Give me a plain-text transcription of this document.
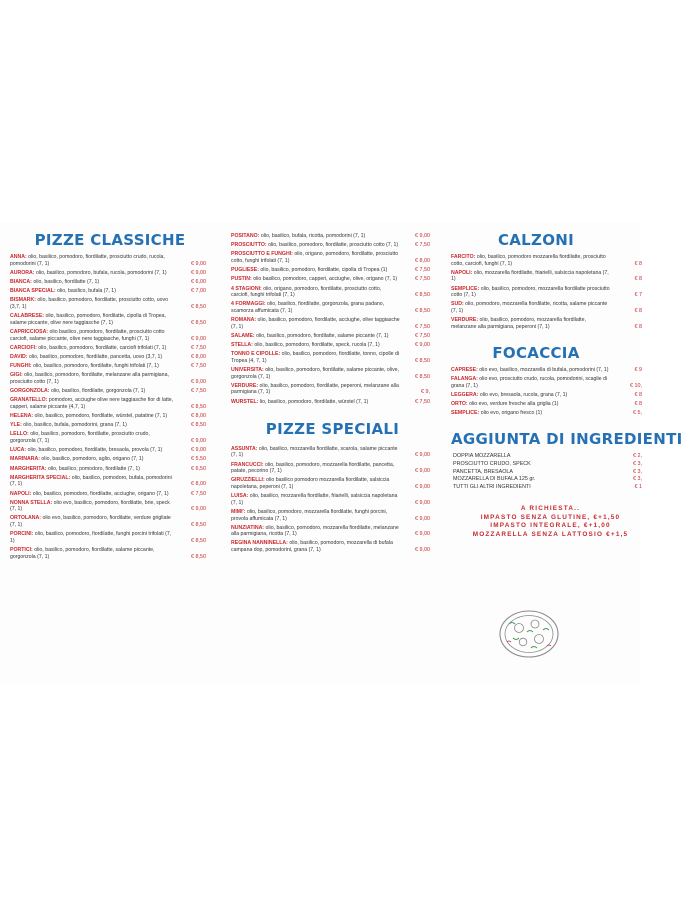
PIZZE CLASSICHE
ANNA: olio, basilico, pomodoro, fiordilatte, prosciutto crudo, rucola, pomodorini (7, 1)	€ 9,00
AURORA: olio, basilico, pomodoro, bufala, rucola, pomodorini (7, 1)	€ 9,00
BIANCA: olio, basilico, fiordilatte (7, 1)	€ 6,00
BIANCA SPECIAL: olio, basilico, bufala (7, 1)	€ 7,00
BISMARK: olio, basilico, pomodoro, fiordilatte, prosciutto cotto, uovo (3,7, 1)	€ 8,50
CALABRESE: olio, basilico, pomodoro, fiordilatte, cipolla di Tropea, salame piccante, olive nere taggiasche (7, 1)	€ 8,50
CAPRICCIOSA: olio basilico, pomodoro, fiordilatte, prosciutto cotto carciofi, salame piccante, olive nere taggiasche, funghi (7, 1)	€ 9,00
CARCIOFI: olio, basilico, pomodoro, fiordilatte, carciofi trifolati (7, 1)	€ 7,50
DAVID: olio, basilico, pomodoro, fiordilatte, pancetta, uovo (3,7, 1)	€ 8,00
FUNGHI: olio, basilico, pomodoro, fiordilatte, funghi trifolati (7, 1)	€ 7,50
GIGI: olio, basilico, pomodoro, fiordilatte, melanzane alla parmigiana, prosciutto cotto (7, 1)	€ 9,00
GORGONZOLA: olio, basilico, fiordilatte, gorgonzola (7, 1)	€ 7,50
GRANATELLO: pomodoro, acciughe olive nere taggiasche fior di latte, capperi, salame piccante (4,7, 1)	€ 8,50
HELENA: olio, basilico, pomodoro, fiordilatte, würstel, patatine (7, 1)	€ 8,00
YLE: olio, basilico, bufala, pomodorini, grana (7, 1)	€ 8,50
LELLO: olio, basilico, pomodoro, fiordilatte, prosciutto crudo, gorgonzola (7, 1)	€ 9,00
LUCA: olio, basilico, pomodoro, fiordilatte, bresaola, provola (7, 1)	€ 9,00
MARINARA: olio, basilico, pomodoro, aglio, origano (7, 1)	€ 5,50
MARGHERITA: olio, basilico, pomodoro, fiordilatte (7, 1)	€ 6,50
MARGHERITA SPECIAL: olio, basilico, pomodoro, bufala, pomodorini (7, 1)	€ 8,00
NAPOLI: olio, basilico, pomodoro, fiordilatte, acciughe, origano (7, 1)	€ 7,50
NONNA STELLA: olio evo, basilico, pomodoro, fiordilatte, brie, speck (7, 1)	€ 9,00
ORTOLANA: olio evo, basilico, pomodoro, fiordilatte, verdure grigliate (7, 1)	€ 8,50
PORCINI: olio, basilico, pomodoro, fiordilatte, funghi porcini trifolati (7, 1)	€ 8,50
PORTICI: olio, basilico, pomodoro, fiordilatte, salame piccante, gorgonzola (7, 1)	€ 8,50
POSITANO: olio, basilico, bufala, ricotta, pomodorini (7, 1)	€ 9,00
PROSCIUTTO: olio, basilico, pomodoro, fiordilatte, prosciutto cotto (7, 1)	€ 7,50
PROSCIUTTO E FUNGHI: olio, origano, pomodoro, fiordilatte, prosciutto cotto, funghi trifolati (7, 1)	€ 8,00
PUGLIESE: olio, basilico, pomodoro, fiordilatte, cipolla di Tropea (1)	€ 7,50
PUSTIN: olio basilico, pomodoro, capperi, acciughe, olive, origano (7, 1)	€ 7,50
4 STAGIONI: olio, origano, pomodoro, fiordilatte, prosciutto cotto, carciofi, funghi trifolati (7, 1)	€ 8,50
4 FORMAGGI: olio, basilico, fiordilatte, gorgonzola, grana padano, scamorza affumicata (7, 1)	€ 8,50
ROMANA: olio, basilico, pomodoro, fiordilatte, acciughe, olive taggiasche (7, 1)	€ 7,50
SALAME: olio, basilico, pomodoro, fiordilatte, salame piccante (7, 1)	€ 7,50
STELLA: olio, basilico, pomodoro, fiordilatte, speck, rucola (7, 1)	€ 9,00
TONNO E CIPOLLE: olio, basilico, pomodoro, fiordilatte, tonno, cipolle di Tropea (4, 7, 1)	€ 8,50
UNIVERSITA: olio, basilico, pomodoro, fiordilatte, salame piccante, olive, gorgonzola (7, 1)	€ 8,50
VERDURE: olio, basilico, pomodoro, fiordilatte, peperoni, melanzane alla parmigiana (7, 1)	€ 9,
WURSTEL: lio, basilico, pomodoro, fiordilatte, würstel (7, 1)	€ 7,50
PIZZE SPECIALI
ASSUNTA: olio, basilico, mozzarella fiordilatte, scarola, salame piccante (7, 1)	€ 9,00
FRANCUCCI: olio, basilico, pomodoro, mozzarella fiordilatte, pancetta, patate, pecorino (7, 1)	€ 9,00
GIRUZZIELLI: olio basilico pomodoro mozzarella fiordilatte, salsiccia napoletana, peperoni (7, 1)	€ 9,00
LUISA: olio, basilico, mozzarella fiordilatte, friarielli, salsiccia napoletana (7, 1)	€ 9,00
MIMI': olio, basilico, pomodoro, mozzarella fiordilatte, funghi porcini, provola affumicata (7, 1)	€ 9,00
NUNZIATINA: olio, basilico, pomodoro, mozzarella fiordilatte, melanzane alla parmigiana, ricotta (7, 1)	€ 9,00
REGINA NANNINELLA: olio, basilico, pomodoro, mozzarella di bufala campana dop, pomodorini, grana (7, 1)	€ 9,00
CALZONI
FARCITO: olio, basilico, pomodoro mozzarella fiordilatte, prosciutto cotto, carciofi, funghi (7, 1)	€ 8
NAPOLI: olio, mozzarella fiordilatte, friarielli, salsiccia napoletana (7, 1)	€ 8
SEMPLICE: olio, basilico, pomodoro, mozzarella fiordilatte prosciutto cotto (7, 1)	€ 7
SUD: olio, pomodoro, mozzarella fiordilatte, ricotta, salame piccante (7, 1)	€ 8
VERDURE: olio, basilico, pomodoro, mozzarella fiordilatte, melanzane alla parmigiana, peperoni (7, 1)	€ 8
FOCACCIA
CAPRESE: olio evo, basilico, mozzarella di bufala, pomodorini (7, 1)	€ 9
FALANGA: olio evo, prosciutto crudo, rucola, pomodorini, scaglie di grana (7, 1)	€ 10,
LEGGERA: olio evo, bresaola, rucola, grana (7, 1)	€ 8
ORTO: olio evo, verdure fresche alla griglia (1)	€ 8
SEMPLICE: olio evo, origano fresco (1)	€ 5,
AGGIUNTA DI INGREDIENTI
DOPPIA MOZZARELLA	€ 2,
PROSCIUTTO CRUDO, SPECK	€ 3,
PANCETTA, BRESAOLA	€ 3,
MOZZARELLA DI BUFALA 125 gr.	€ 3,
TUTTI GLI ALTRI INGREDIENTI	€ 1
A RICHIESTA..
IMPASTO SENZA GLUTINE, €+1,50
IMPASTO INTEGRALE, €+1,00
MOZZARELLA SENZA LATTOSIO €+1,5
